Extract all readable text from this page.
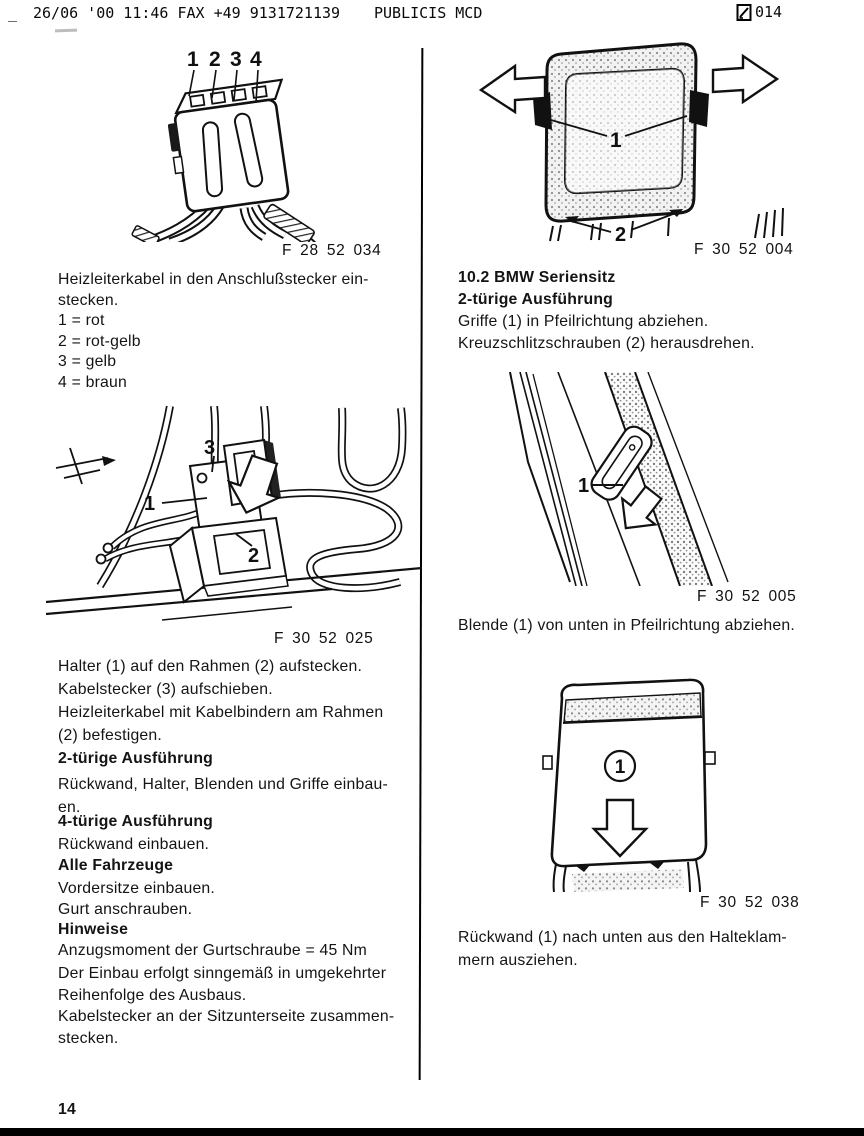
_ 26/06 '00 11:46 FAX +49 9131721139 PUBLICIS MCD	014
1 2 3 4
F 28 52 034
Heizleiterkabel in den Anschlußstecker ein-
stecken.
1 = rot
2 = rot-gelb
3 = gelb
4 = braun
3
1
2
F 30 52 025
Halter (1) auf den Rahmen (2) aufstecken.
Kabelstecker (3) aufschieben.
Heizleiterkabel mit Kabelbindern am Rahmen
(2) befestigen.
2-türige Ausführung
Rückwand, Halter, Blenden und Griffe einbau-
en.
4-türige Ausführung
Rückwand einbauen.
Alle Fahrzeuge
Vordersitze einbauen.
Gurt anschrauben.
Hinweise
Anzugsmoment der Gurtschraube = 45 Nm
Der Einbau erfolgt sinngemäß in umgekehrter
Reihenfolge des Ausbaus.
Kabelstecker an der Sitzunterseite zusammen-
stecken.
1
2
F 30 52 004
10.2 BMW Seriensitz
2-türige Ausführung
Griffe (1) in Pfeilrichtung abziehen.
Kreuzschlitzschrauben (2) herausdrehen.
1
F 30 52 005
Blende (1) von unten in Pfeilrichtung abziehen.
1
F 30 52 038
Rückwand (1) nach unten aus den Halteklam-
mern ausziehen.
14
